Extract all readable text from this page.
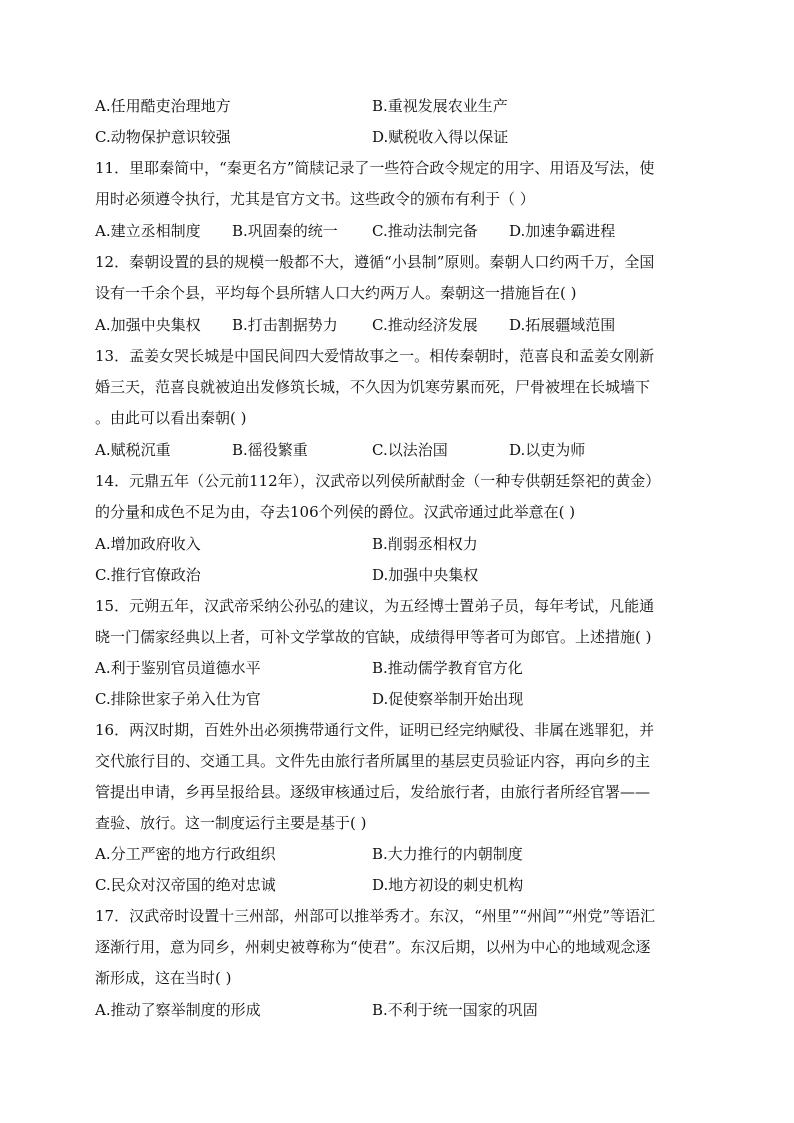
A.任用酷吏治理地方	B.重视发展农业生产
C.动物保护意识较强	D.赋税收入得以保证
11．里耶秦简中，“秦更名方”简牍记录了一些符合政令规定的用字、用语及写法，使
用时必须遵令执行，尤其是官方文书。这些政令的颁布有利于（ ）
A.建立丞相制度 B.巩固秦的统一 C.推动法制完备 D.加速争霸进程
12．秦朝设置的县的规模一般都不大，遵循“小县制”原则。秦朝人口约两千万，全国
设有一千余个县，平均每个县所辖人口大约两万人。秦朝这一措施旨在( )
A.加强中央集权 B.打击割据势力 C.推动经济发展 D.拓展疆域范围
13．孟姜女哭长城是中国民间四大爱情故事之一。相传秦朝时，范喜良和孟姜女刚新
婚三天，范喜良就被迫出发修筑长城，不久因为饥寒劳累而死，尸骨被埋在长城墙下
。由此可以看出秦朝( )
A.赋税沉重	B.徭役繁重	C.以法治国	D.以吏为师
14．元鼎五年（公元前112年），汉武帝以列侯所献酎金（一种专供朝廷祭祀的黄金）
的分量和成色不足为由，夺去106个列侯的爵位。汉武帝通过此举意在( )
A.增加政府收入	B.削弱丞相权力
C.推行官僚政治	D.加强中央集权
15．元朔五年，汉武帝采纳公孙弘的建议，为五经博士置弟子员，每年考试，凡能通
晓一门儒家经典以上者，可补文学掌故的官缺，成绩得甲等者可为郎官。上述措施( )
A.利于鉴别官员道德水平	B.推动儒学教育官方化
C.排除世家子弟入仕为官	D.促使察举制开始出现
16．两汉时期，百姓外出必须携带通行文件，证明已经完纳赋役、非属在逃罪犯，并
交代旅行目的、交通工具。文件先由旅行者所属里的基层吏员验证内容，再向乡的主
管提出申请，乡再呈报给县。逐级审核通过后，发给旅行者，由旅行者所经官署——
查验、放行。这一制度运行主要是基于( )
A.分工严密的地方行政组织	B.大力推行的内朝制度
C.民众对汉帝国的绝对忠诚	D.地方初设的刺史机构
17．汉武帝时设置十三州部，州部可以推举秀才。东汉，“州里”“州闾”“州党”等语汇
逐渐行用，意为同乡，州刺史被尊称为“使君”。东汉后期，以州为中心的地域观念逐
渐形成，这在当时( )
A.推动了察举制度的形成	B.不利于统一国家的巩固
